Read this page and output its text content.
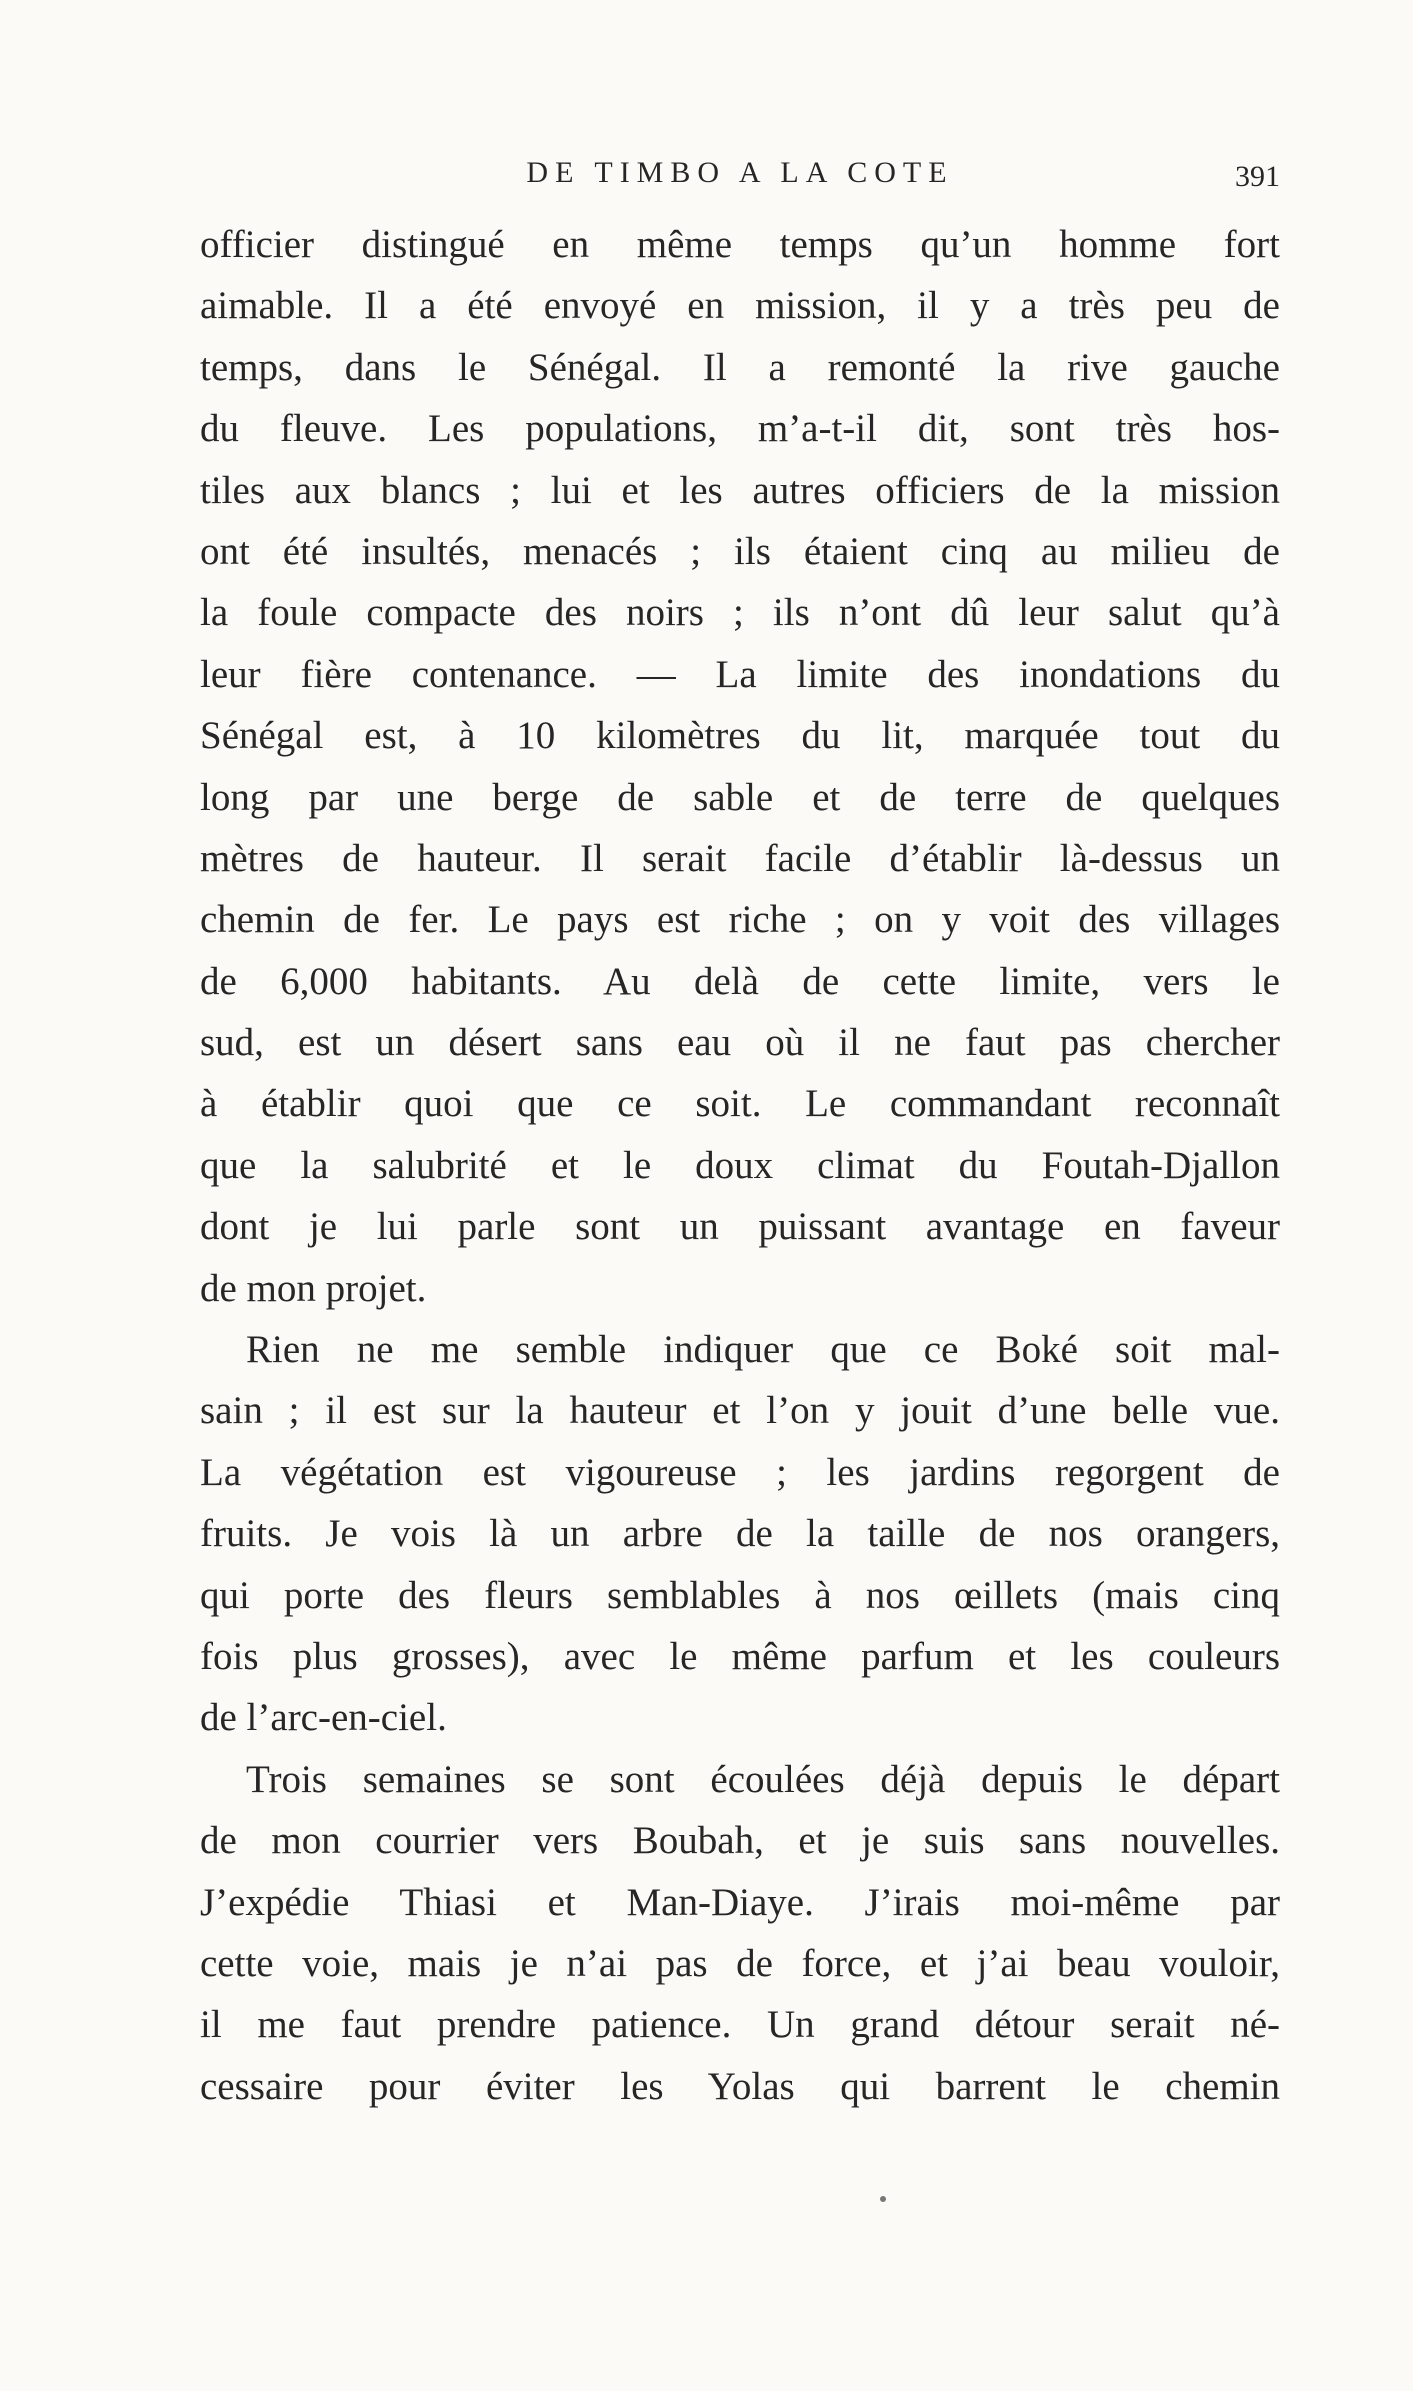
DE TIMBO A LA COTE	391
officier distingué en même temps qu’un homme fort
aimable. Il a été envoyé en mission, il y a très peu de
temps, dans le Sénégal. Il a remonté la rive gauche
du fleuve. Les populations, m’a-t-il dit, sont très hos-
tiles aux blancs ; lui et les autres officiers de la mission
ont été insultés, menacés ; ils étaient cinq au milieu de
la foule compacte des noirs ; ils n’ont dû leur salut qu’à
leur fière contenance. — La limite des inondations du
Sénégal est, à 10 kilomètres du lit, marquée tout du
long par une berge de sable et de terre de quelques
mètres de hauteur. Il serait facile d’établir là-dessus un
chemin de fer. Le pays est riche ; on y voit des villages
de 6,000 habitants. Au delà de cette limite, vers le
sud, est un désert sans eau où il ne faut pas chercher
à établir quoi que ce soit. Le commandant reconnaît
que la salubrité et le doux climat du Foutah-Djallon
dont je lui parle sont un puissant avantage en faveur
de mon projet.
Rien ne me semble indiquer que ce Boké soit mal-
sain ; il est sur la hauteur et l’on y jouit d’une belle vue.
La végétation est vigoureuse ; les jardins regorgent de
fruits. Je vois là un arbre de la taille de nos orangers,
qui porte des fleurs semblables à nos œillets (mais cinq
fois plus grosses), avec le même parfum et les couleurs
de l’arc-en-ciel.
Trois semaines se sont écoulées déjà depuis le départ
de mon courrier vers Boubah, et je suis sans nouvelles.
J’expédie Thiasi et Man-Diaye. J’irais moi-même par
cette voie, mais je n’ai pas de force, et j’ai beau vouloir,
il me faut prendre patience. Un grand détour serait né-
cessaire pour éviter les Yolas qui barrent le chemin
